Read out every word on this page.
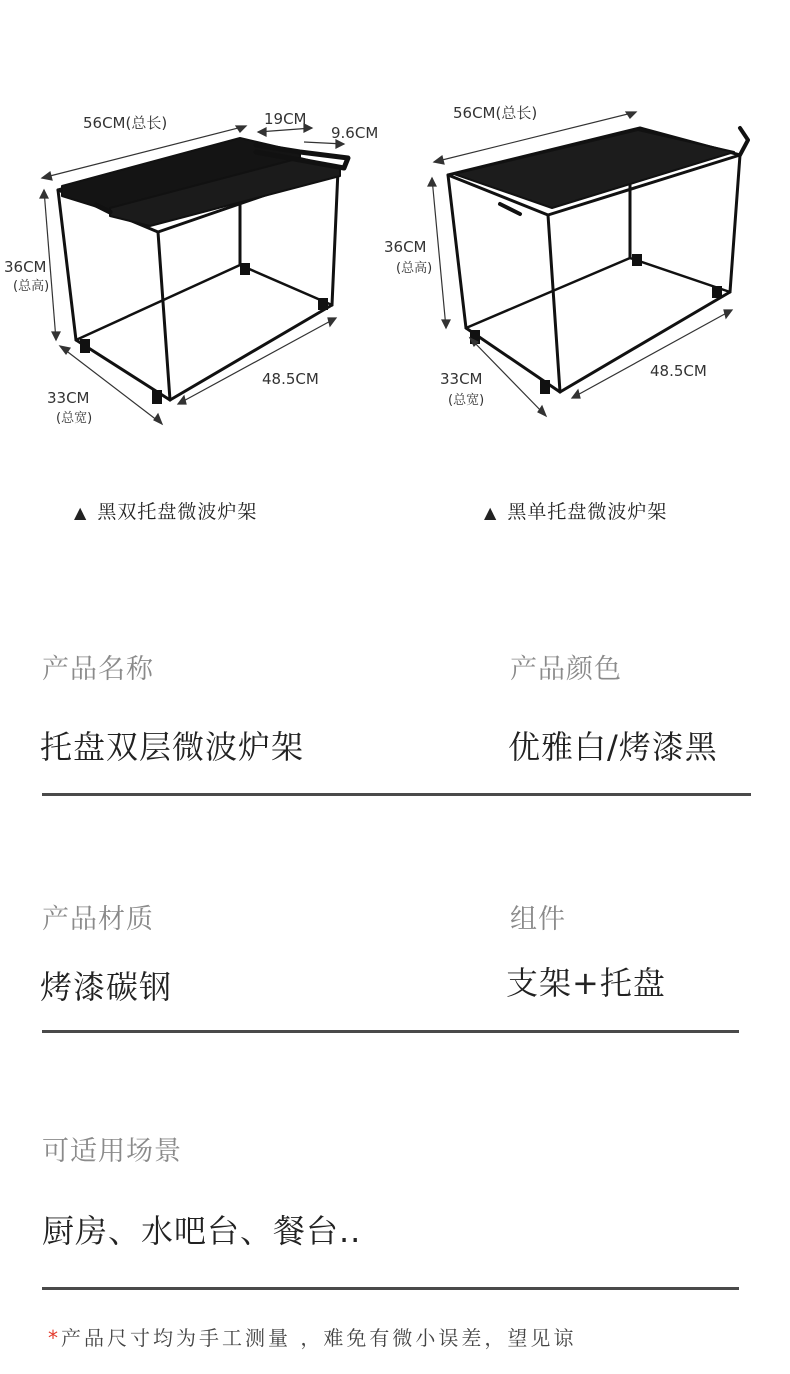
56CM(总长)	19CM
9.6CM
36CM
(总高)
33CM
(总宽)
48.5CM
56CM(总长)
36CM
(总高)
33CM
(总宽)
48.5CM
▲ 黑双托盘微波炉架	▲ 黑单托盘微波炉架
产品名称	产品颜色
托盘双层微波炉架	优雅白/烤漆黑
产品材质	组件
烤漆碳钢	支架+托盘
可适用场景
厨房、水吧台、餐台..
*产品尺寸均为手工测量 ，难免有微小误差，望见谅
